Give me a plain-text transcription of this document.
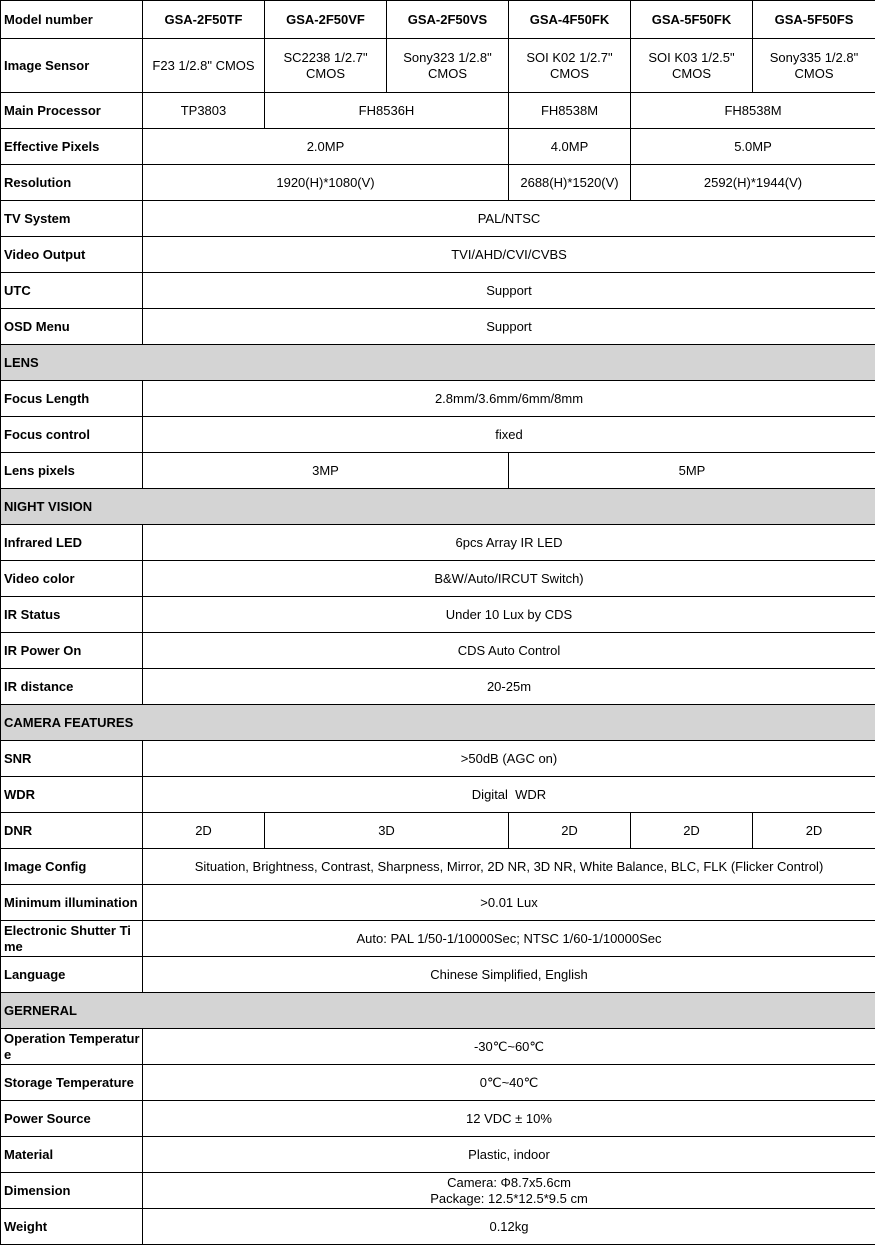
Model number	GSA-2F50TF	GSA-2F50VF	GSA-2F50VS	GSA-4F50FK	GSA-5F50FK	GSA-5F50FS
Image Sensor	F23 1/2.8" CMOS	SC2238 1/2.7" CMOS	Sony323 1/2.8" CMOS	SOI K02 1/2.7" CMOS	SOI K03 1/2.5" CMOS	Sony335 1/2.8" CMOS
Main Processor	TP3803	FH8536H		FH8538M	FH8538M	
Effective Pixels	2.0MP			4.0MP	5.0MP	
Resolution	1920(H)*1080(V)			2688(H)*1520(V)	2592(H)*1944(V)	
TV System	PAL/NTSC					
Video Output	TVI/AHD/CVI/CVBS					
UTC	Support					
OSD Menu	Support					
LENS						
Focus Length	2.8mm/3.6mm/6mm/8mm					
Focus control	fixed					
Lens pixels	3MP			5MP		
NIGHT VISION						
Infrared LED	6pcs Array IR LED					
Video color	B&W/Auto/IRCUT Switch)					
IR Status	Under 10 Lux by CDS					
IR Power On	CDS Auto Control					
IR distance	20-25m					
CAMERA FEATURES						
SNR	>50dB (AGC on)					
WDR	Digital  WDR					
DNR	2D	3D		2D	2D	2D
Image Config	Situation, Brightness, Contrast, Sharpness, Mirror, 2D NR, 3D NR, White Balance, BLC, FLK (Flicker Control)					
Minimum illumination	>0.01 Lux					
Electronic Shutter Time	Auto: PAL 1/50-1/10000Sec; NTSC 1/60-1/10000Sec					
Language	Chinese Simplified, English					
GERNERAL						
Operation Temperature	-30℃~60℃					
Storage Temperature	0℃~40℃					
Power Source	12 VDC ± 10%					
Material	Plastic, indoor					
Dimension	Camera: Φ8.7x5.6cm
Package: 12.5*12.5*9.5 cm					

Weight	0.12kg					
